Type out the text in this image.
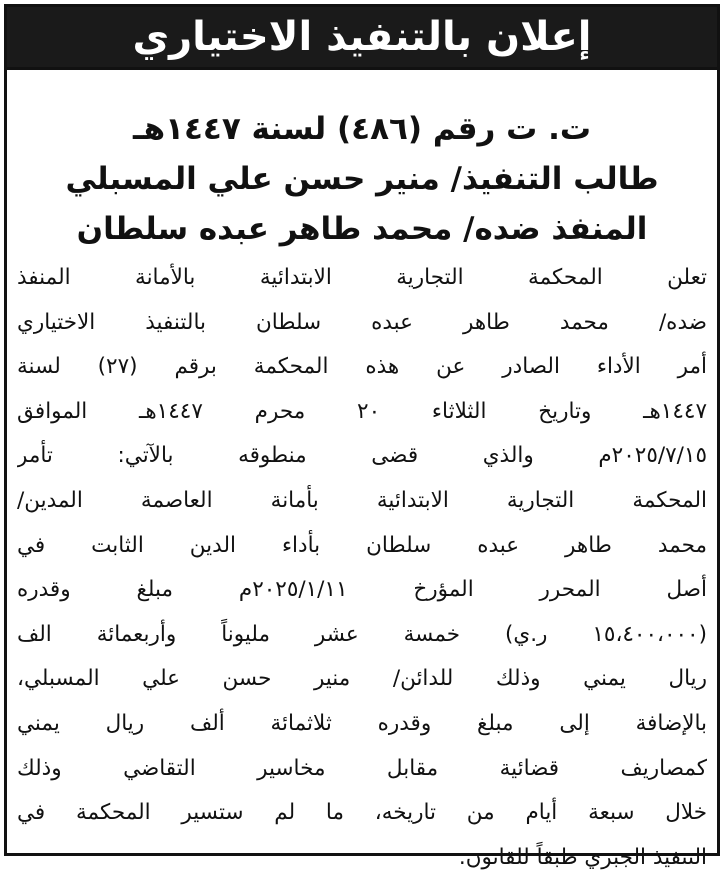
إعلان بالتنفيذ الاختياري
ت. ت رقم (٤٨٦) لسنة ١٤٤٧هـ
طالب التنفيذ/ منير حسن علي المسبلي
المنفذ ضده/ محمد طاهر عبده سلطان
تعلن المحكمة التجارية الابتدائية بالأمانة المنفذ
ضده/ محمد طاهر عبده سلطان بالتنفيذ الاختياري
أمر الأداء الصادر عن هذه المحكمة برقم (٢٧) لسنة
١٤٤٧هـ وتاريخ الثلاثاء ٢٠ محرم ١٤٤٧هـ الموافق
٢٠٢٥/٧/١٥م والذي قضى منطوقه بالآتي: تأمر
المحكمة التجارية الابتدائية بأمانة العاصمة المدين/
محمد طاهر عبده سلطان بأداء الدين الثابت في
أصل المحرر المؤرخ ٢٠٢٥/١/١١م مبلغ وقدره
(١٥،٤٠٠،٠٠٠ ر.ي) خمسة عشر مليوناً وأربعمائة الف
ريال يمني وذلك للدائن/ منير حسن علي المسبلي،
بالإضافة إلى مبلغ وقدره ثلاثمائة ألف ريال يمني
كمصاريف قضائية مقابل مخاسير التقاضي وذلك
خلال سبعة أيام من تاريخه، ما لم ستسير المحكمة في
التنفيذ الجبري طبقاً للقانون.
